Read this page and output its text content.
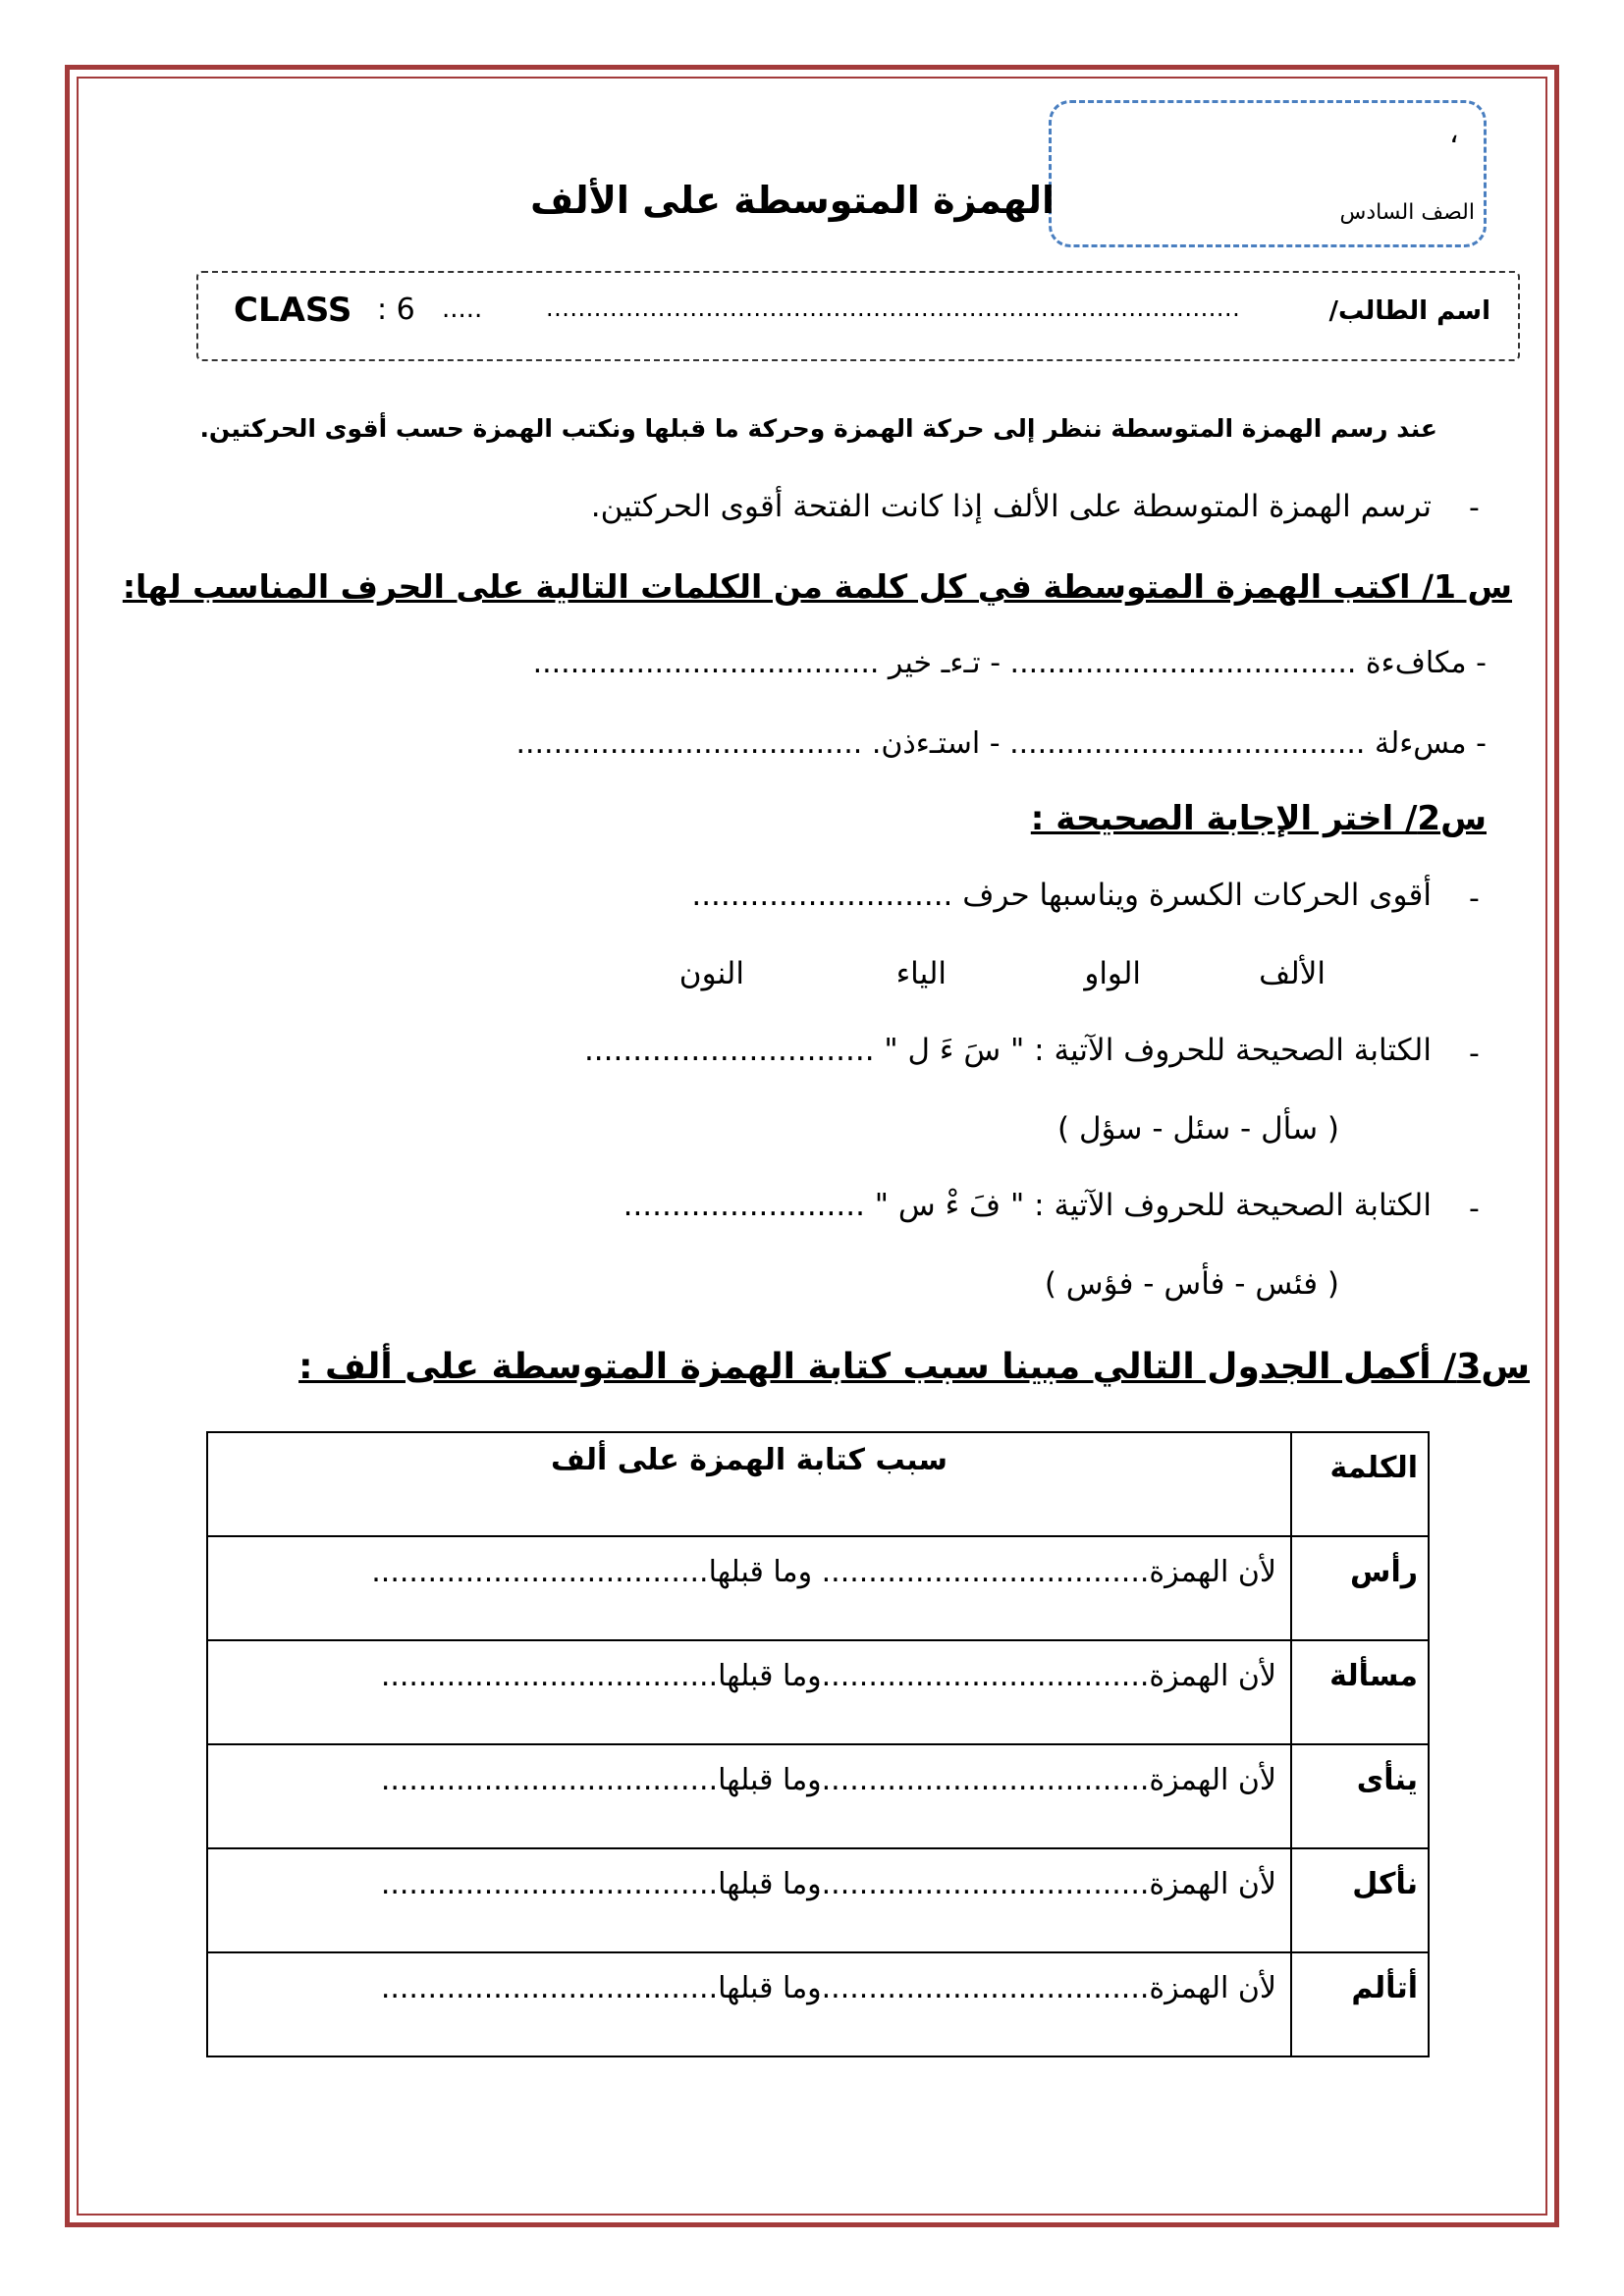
،
الصف السادس
الهمزة المتوسطة على الألف
اسم الطالب/
.......................................................................................
CLASS : 6 .....
عند رسم الهمزة المتوسطة ننظر إلى حركة الهمزة وحركة ما قبلها ونكتب الهمزة حسب أقوى الحركتين.
-
ترسم الهمزة المتوسطة على الألف إذا كانت الفتحة أقوى الحركتين.
س 1/ اكتب الهمزة المتوسطة في كل كلمة من الكلمات التالية على الحرف المناسب لها:
- مكافءة ..................................... - تـءـ خير .....................................
- مسءلة ...................................... - استـءذن. .....................................
س2/ اختر الإجابة الصحيحة :
-
أقوى الحركات الكسرة ويناسبها حرف ...........................
الألف
الواو
الياء
النون
-
الكتابة الصحيحة للحروف الآتية : " سَ ءَ ل " ..............................
( سأل - سئل - سؤل )
-
الكتابة الصحيحة للحروف الآتية : " فَ ءْ س " .........................
( فئس - فأس - فؤس )
س3/ أكمل الجدول التالي مبينا سبب كتابة الهمزة المتوسطة على ألف :
الكلمة	سبب كتابة الهمزة على ألف
رأس	لأن الهمزة................................... وما قبلها....................................
مسألة	لأن الهمزة...................................وما قبلها....................................
ينأى	لأن الهمزة...................................وما قبلها....................................
نأكل	لأن الهمزة...................................وما قبلها....................................
أتألم	لأن الهمزة...................................وما قبلها....................................
